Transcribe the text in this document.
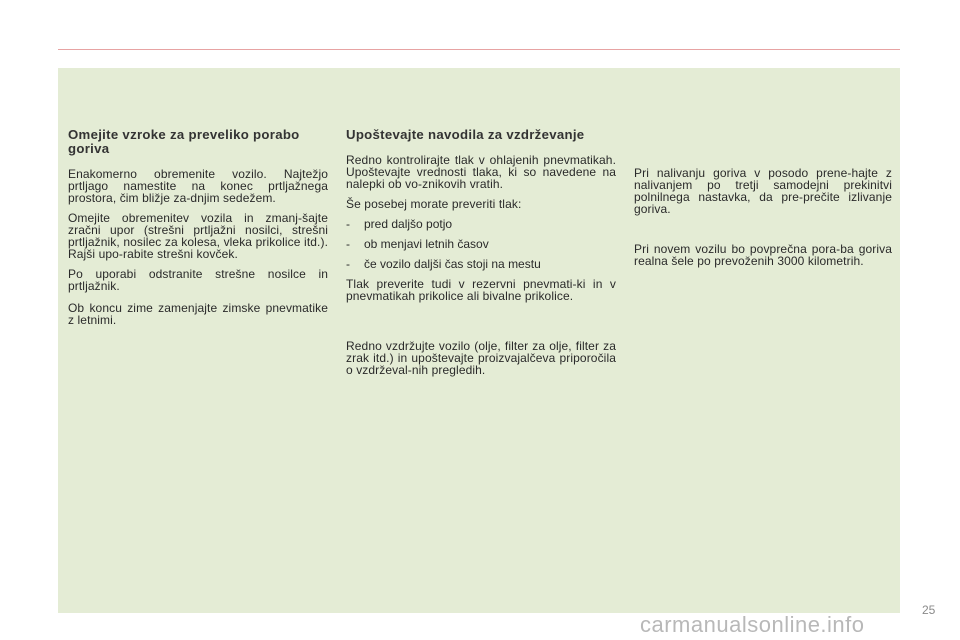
Omejite vzroke za preveliko porabo goriva

Enakomerno obremenite vozilo. Najtežjo prtljago namestite na konec prtljažnega prostora, čim bližje za-dnjim sedežem.

Omejite obremenitev vozila in zmanj-šajte zračni upor (strešni prtljažni nosilci, strešni prtljažnik, nosilec za kolesa, vleka prikolice itd.). Rajši upo-rabite strešni kovček.

Po uporabi odstranite strešne nosilce in prtljažnik.

Ob koncu zime zamenjajte zimske pnevmatike z letnimi.

Upoštevajte navodila za vzdrževanje

Redno kontrolirajte tlak v ohlajenih pnevmatikah. Upoštevajte vrednosti tlaka, ki so navedene na nalepki ob vo-znikovih vratih.

Še posebej morate preveriti tlak:

- pred daljšo potjo
- ob menjavi letnih časov
- če vozilo daljši čas stoji na mestu

Tlak preverite tudi v rezervni pnevmati-ki in v pnevmatikah prikolice ali bivalne prikolice.

Redno vzdržujte vozilo (olje, filter za olje, filter za zrak itd.) in upoštevajte proizvajalčeva priporočila o vzdrževal-nih pregledih.

Pri nalivanju goriva v posodo prene-hajte z nalivanjem po tretji samodejni prekinitvi polnilnega nastavka, da pre-prečite izlivanje goriva.

Pri novem vozilu bo povprečna pora-ba goriva realna šele po prevoženih 3000 kilometrih.

25
carmanualsonline.info
